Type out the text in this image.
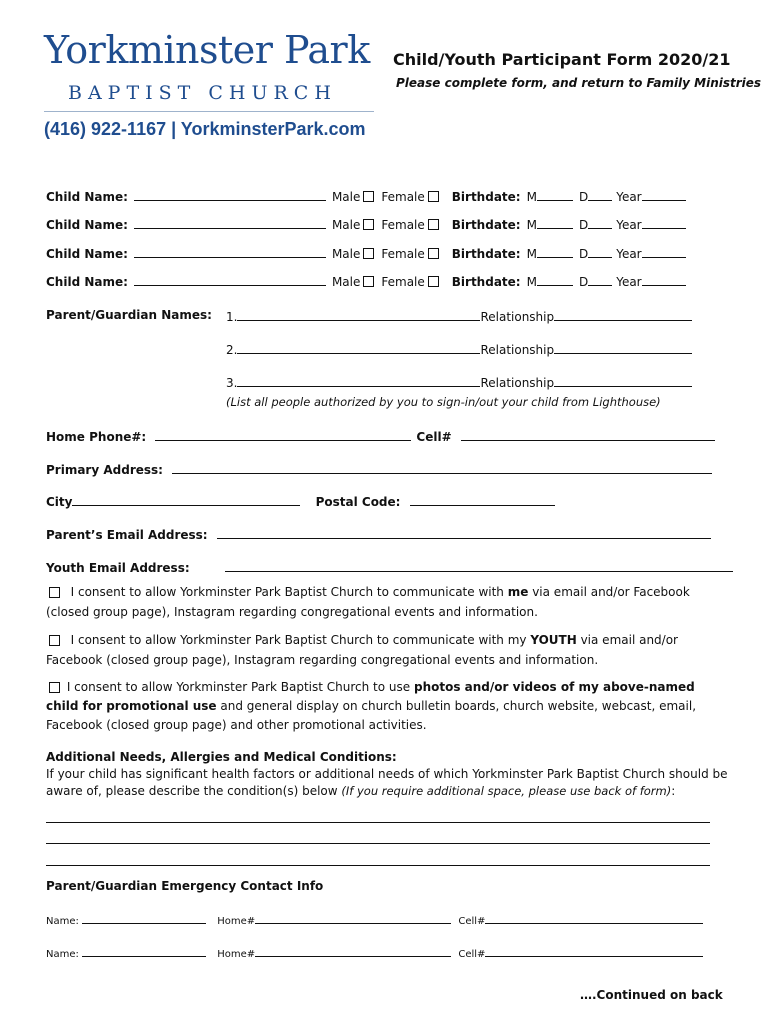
Yorkminster Park
BAPTIST CHURCH
(416) 922-1167 | YorkminsterPark.com
Child/Youth Participant Form 2020/21
Please complete form, and return to Family Ministries
Child Name:	Male Female Birthdate: M	D Year
Child Name:	Male Female Birthdate: M	D Year
Child Name:	Male Female Birthdate: M	D Year
Child Name:	Male Female Birthdate: M	D Year
Parent/Guardian Names: 1.	Relationship
2.	Relationship
3.	Relationship
(List all people authorized by you to sign-in/out your child from Lighthouse)
Home Phone#:	Cell#
Primary Address:
City	Postal Code:
Parent’s Email Address:
Youth Email Address:
I consent to allow Yorkminster Park Baptist Church to communicate with me via email and/or Facebook
(closed group page), Instagram regarding congregational events and information.
I consent to allow Yorkminster Park Baptist Church to communicate with my YOUTH via email and/or
Facebook (closed group page), Instagram regarding congregational events and information.
I consent to allow Yorkminster Park Baptist Church to use photos and/or videos of my above-named
child for promotional use and general display on church bulletin boards, church website, webcast, email,
Facebook (closed group page) and other promotional activities.
Additional Needs, Allergies and Medical Conditions:
If your child has significant health factors or additional needs of which Yorkminster Park Baptist Church should be
aware of, please describe the condition(s) below (If you require additional space, please use back of form):
Parent/Guardian Emergency Contact Info
Name:	Home#	Cell#
Name:	Home#	Cell#
….Continued on back
